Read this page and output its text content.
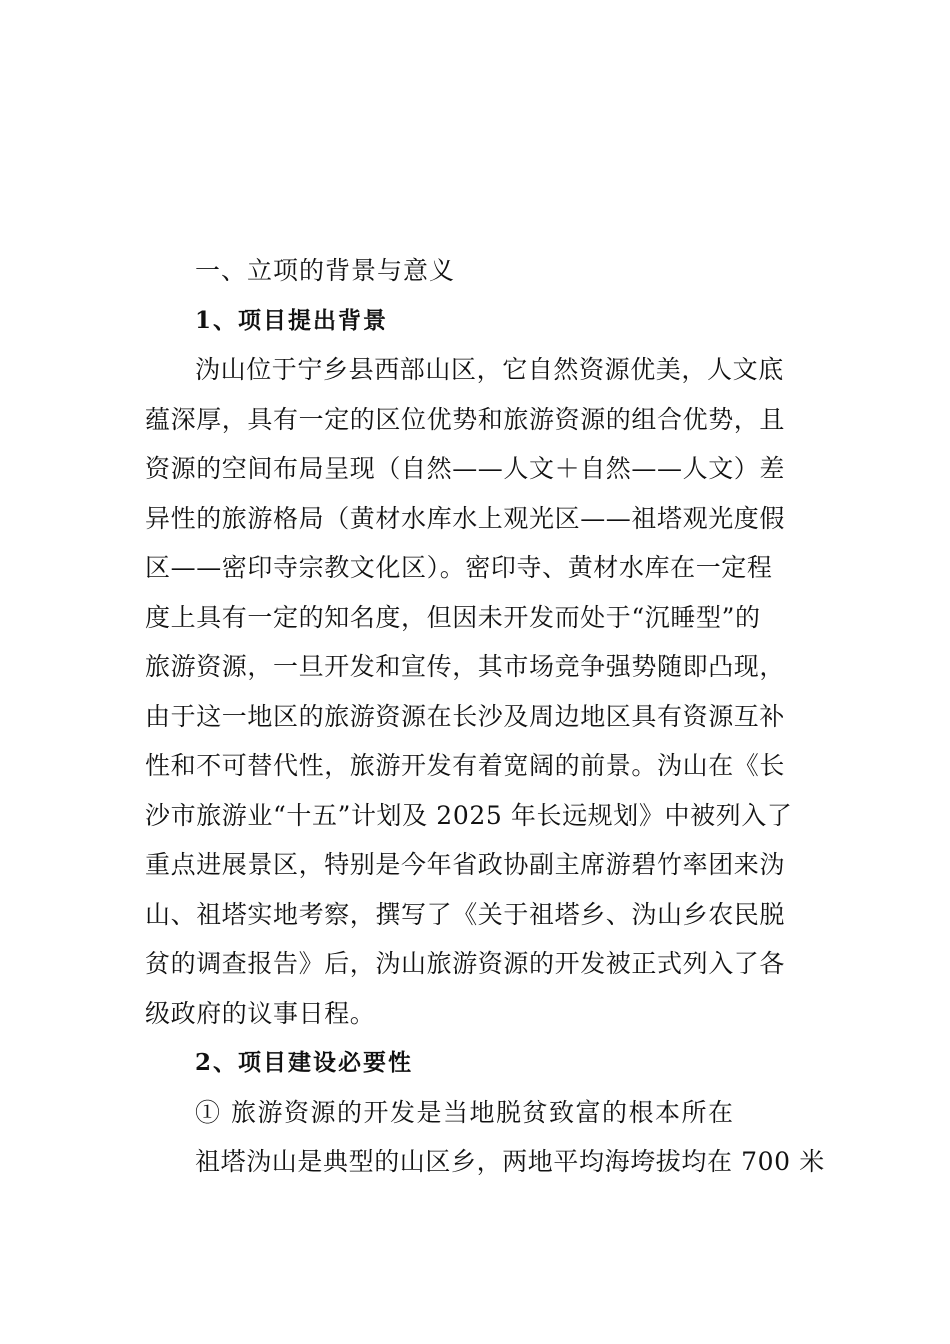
一、立项的背景与意义
1、项目提出背景
沩山位于宁乡县西部山区，它自然资源优美，人文底
蕴深厚，具有一定的区位优势和旅游资源的组合优势，且
资源的空间布局呈现（自然——人文＋自然——人文）差
异性的旅游格局（黄材水库水上观光区——祖塔观光度假
区——密印寺宗教文化区）。密印寺、黄材水库在一定程
度上具有一定的知名度，但因未开发而处于“沉睡型”的
旅游资源，一旦开发和宣传，其市场竞争强势随即凸现，
由于这一地区的旅游资源在长沙及周边地区具有资源互补
性和不可替代性，旅游开发有着宽阔的前景。沩山在《长
沙市旅游业“十五”计划及 2025 年长远规划》中被列入了
重点进展景区，特别是今年省政协副主席游碧竹率团来沩
山、祖塔实地考察，撰写了《关于祖塔乡、沩山乡农民脱
贫的调查报告》后，沩山旅游资源的开发被正式列入了各
级政府的议事日程。
2、项目建设必要性
① 旅游资源的开发是当地脱贫致富的根本所在
祖塔沩山是典型的山区乡，两地平均海垮拔均在 700 米
